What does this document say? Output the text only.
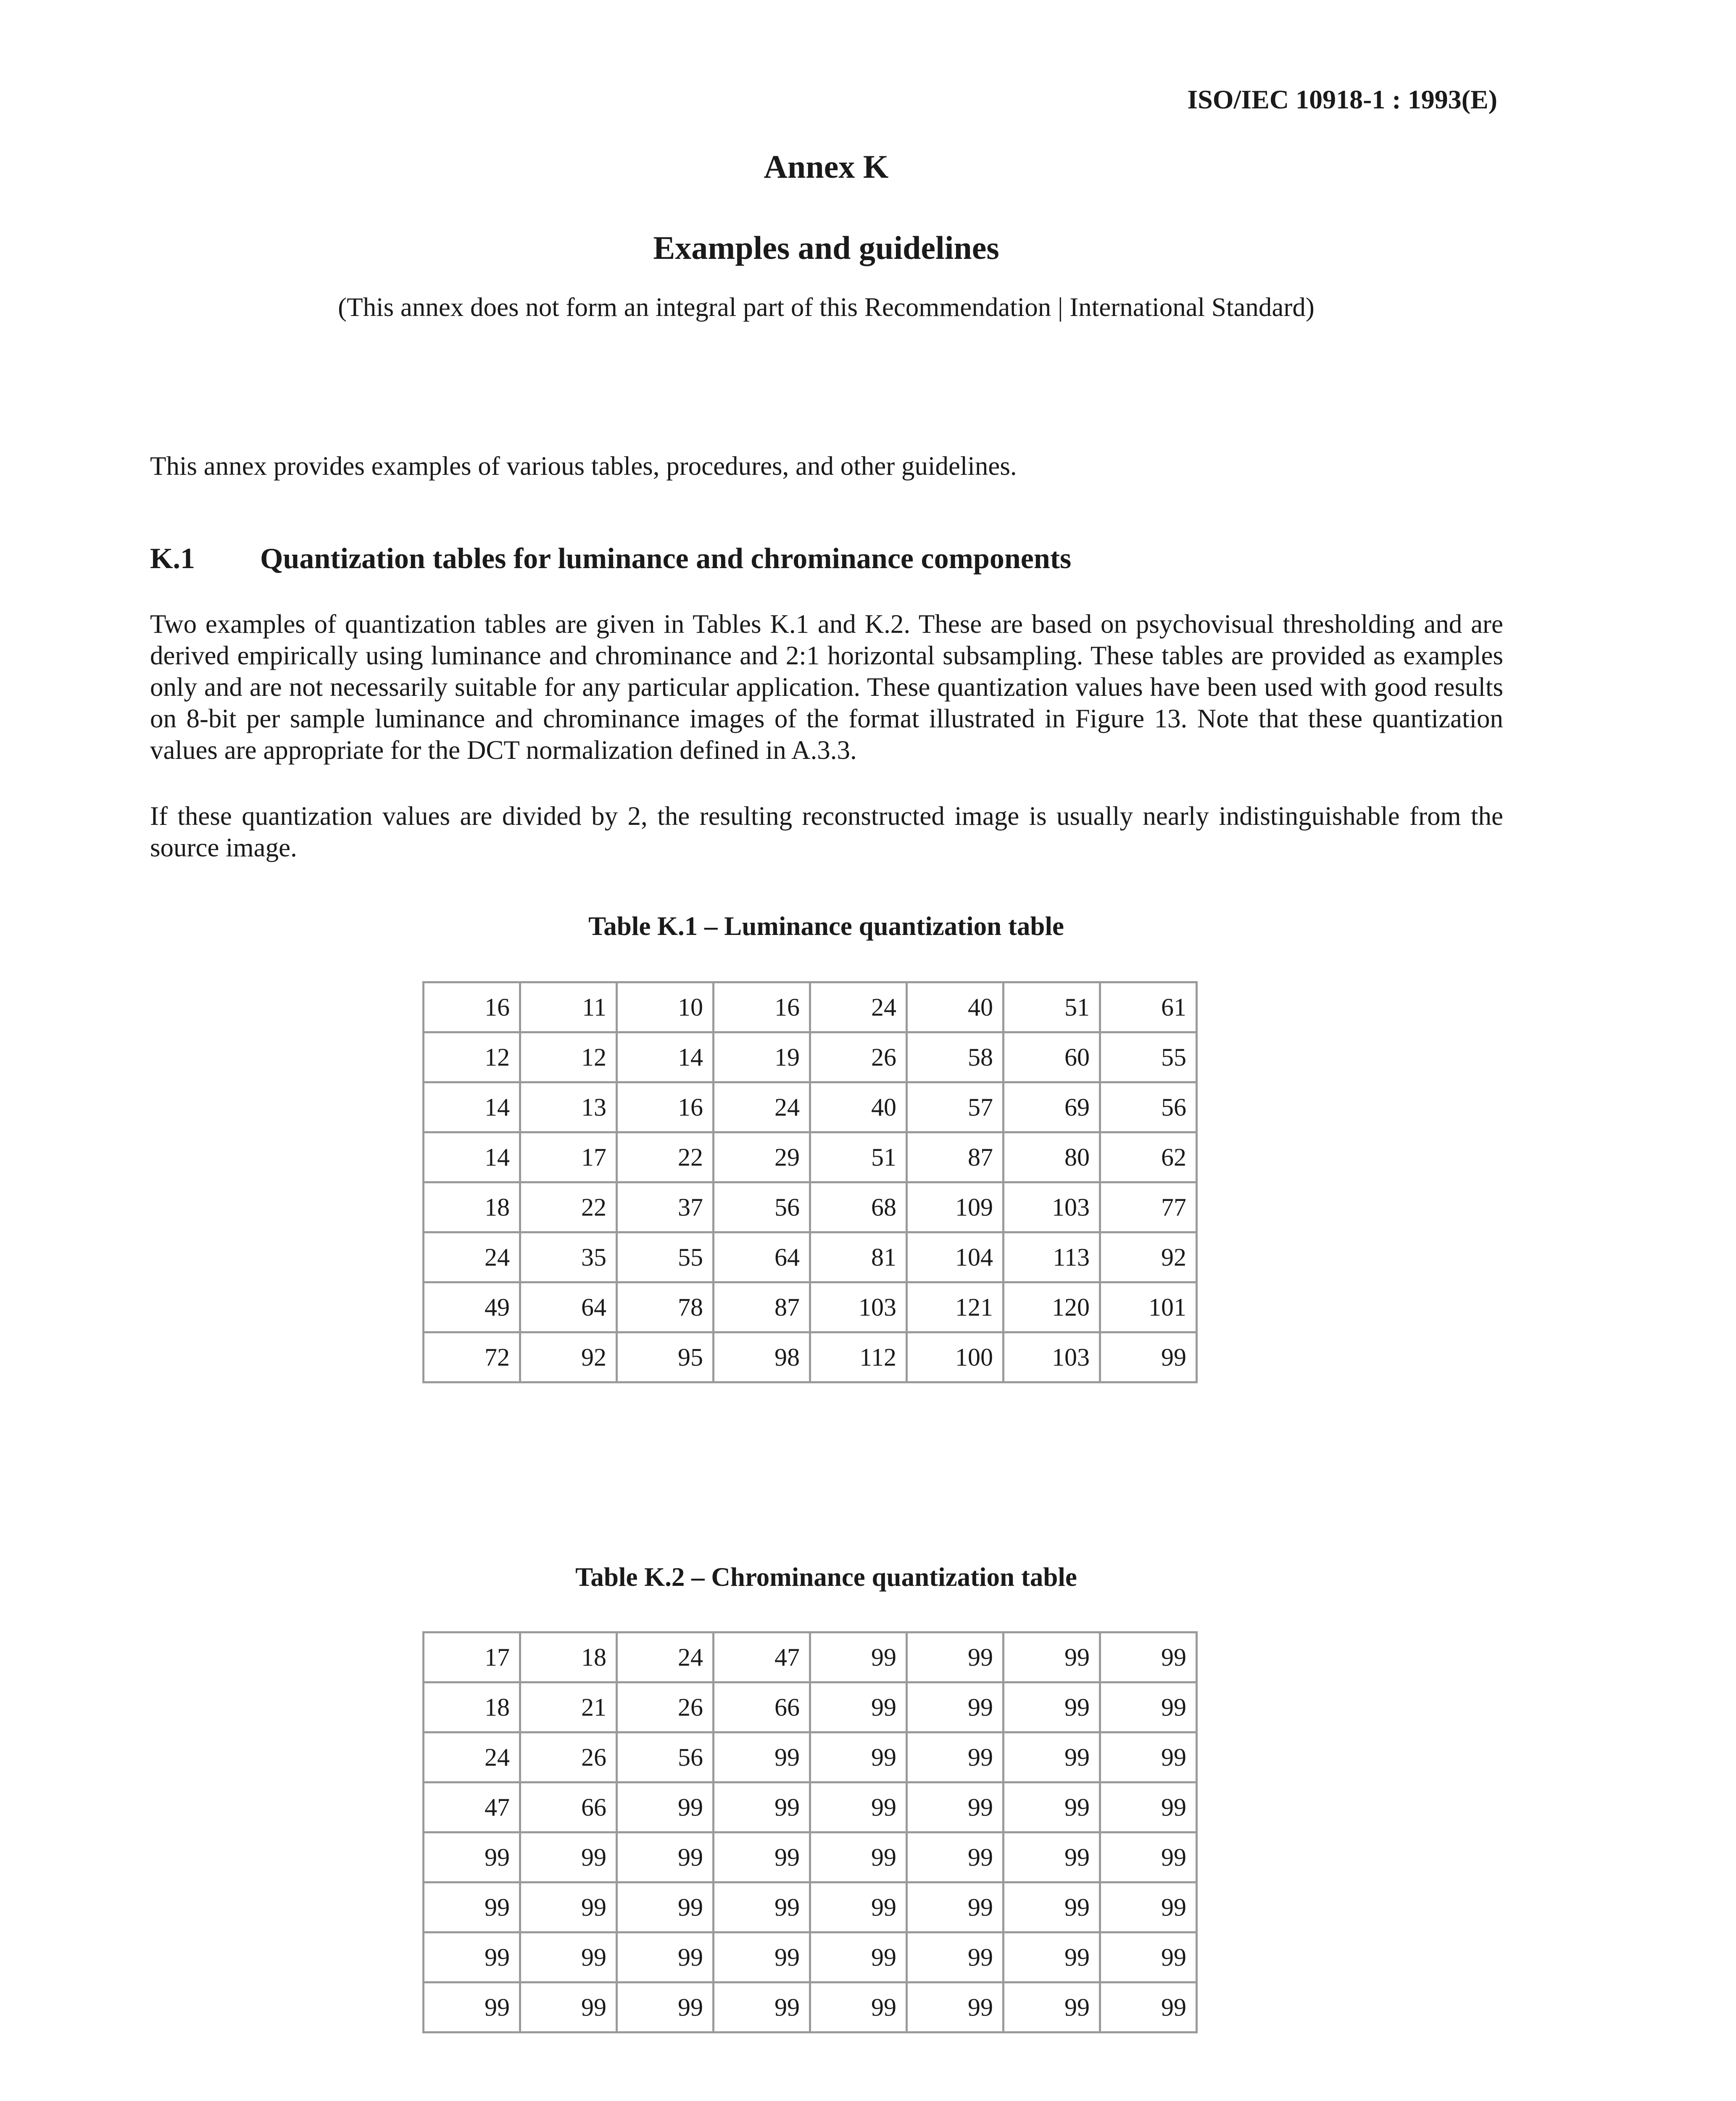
ISO/IEC 10918-1 : 1993(E)
Annex K
Examples and guidelines
(This annex does not form an integral part of this Recommendation | International Standard)
This annex provides examples of various tables, procedures, and other guidelines.
K.1 Quantization tables for luminance and chrominance components
Two examples of quantization tables are given in Tables K.1 and K.2. These are based on psychovisual thresholding and are derived empirically using luminance and chrominance and 2:1 horizontal subsampling. These tables are provided as examples only and are not necessarily suitable for any particular application. These quantization values have been used with good results on 8-bit per sample luminance and chrominance images of the format illustrated in Figure 13. Note that these quantization values are appropriate for the DCT normalization defined in A.3.3.
If these quantization values are divided by 2, the resulting reconstructed image is usually nearly indistinguishable from the source image.
Table K.1 – Luminance quantization table
16	11	10	16	24	40	51	61
12	12	14	19	26	58	60	55
14	13	16	24	40	57	69	56
14	17	22	29	51	87	80	62
18	22	37	56	68	109	103	77
24	35	55	64	81	104	113	92
49	64	78	87	103	121	120	101
72	92	95	98	112	100	103	99
Table K.2 – Chrominance quantization table
17	18	24	47	99	99	99	99
18	21	26	66	99	99	99	99
24	26	56	99	99	99	99	99
47	66	99	99	99	99	99	99
99	99	99	99	99	99	99	99
99	99	99	99	99	99	99	99
99	99	99	99	99	99	99	99
99	99	99	99	99	99	99	99
